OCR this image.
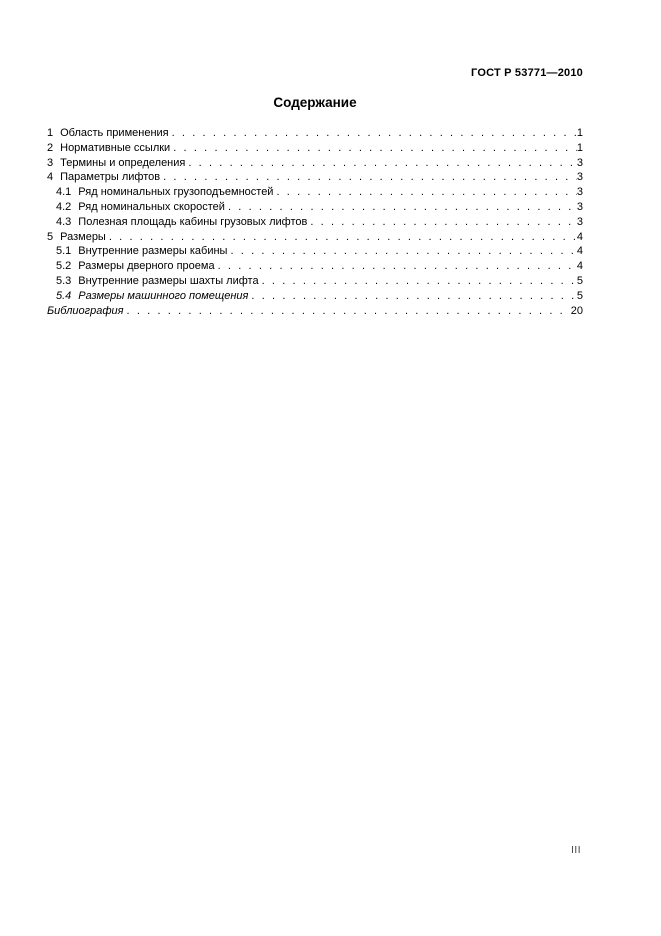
ГОСТ Р 53771—2010
Содержание
1 Область применения . . .	1
2 Нормативные ссылки . . .	1
3 Термины и определения . . .	3
4 Параметры лифтов . . .	3
4.1 Ряд номинальных грузоподъемностей . . .	3
4.2 Ряд номинальных скоростей . . .	3
4.3 Полезная площадь кабины грузовых лифтов . . .	3
5 Размеры . . .	4
5.1 Внутренние размеры кабины . . .	4
5.2 Размеры дверного проема . . .	4
5.3 Внутренние размеры шахты лифта . . .	5
5.4 Размеры машинного помещения . . .	5
Библиография . . .	20
III
